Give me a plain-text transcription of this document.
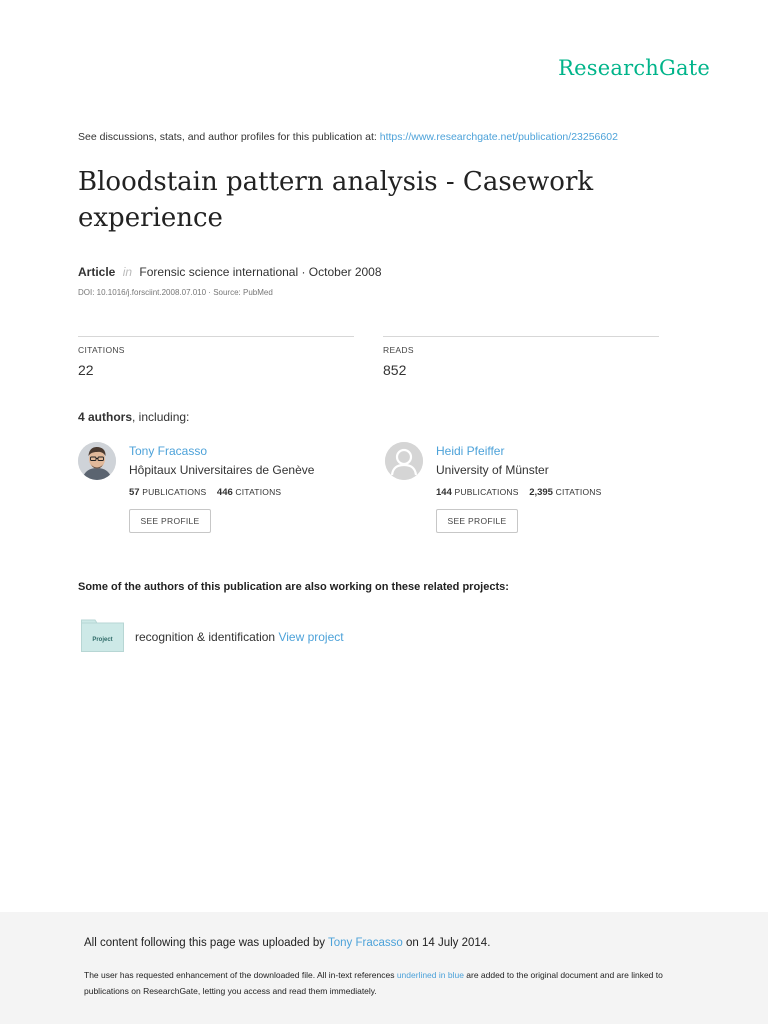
ResearchGate
See discussions, stats, and author profiles for this publication at: https://www.researchgate.net/publication/23256602
Bloodstain pattern analysis - Casework experience
Article in Forensic science international · October 2008
DOI: 10.1016/j.forsciint.2008.07.010 · Source: PubMed
CITATIONS
22
READS
852
4 authors, including:
Tony Fracasso
Hôpitaux Universitaires de Genève
57 PUBLICATIONS 446 CITATIONS
SEE PROFILE
Heidi Pfeiffer
University of Münster
144 PUBLICATIONS 2,395 CITATIONS
SEE PROFILE
Some of the authors of this publication are also working on these related projects:
Project recognition & identification View project
All content following this page was uploaded by Tony Fracasso on 14 July 2014.
The user has requested enhancement of the downloaded file. All in-text references underlined in blue are added to the original document and are linked to publications on ResearchGate, letting you access and read them immediately.
